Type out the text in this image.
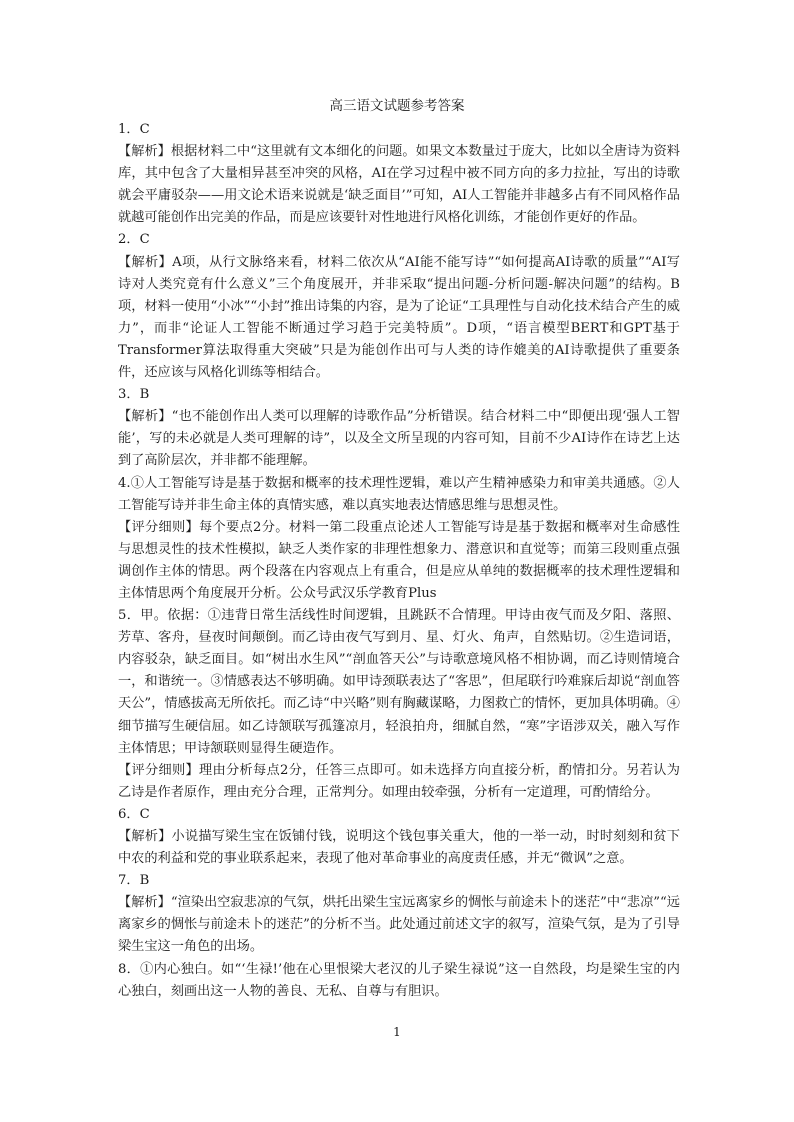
高三语文试题参考答案

1．C

【解析】根据材料二中“这里就有文本细化的问题。如果文本数量过于庞大，比如以全唐诗为资料库，其中包含了大量相异甚至冲突的风格，AI在学习过程中被不同方向的多力拉扯，写出的诗歌就会平庸驳杂——用文论术语来说就是‘缺乏面目’”可知，AI人工智能并非越多占有不同风格作品就越可能创作出完美的作品，而是应该要针对性地进行风格化训练，才能创作更好的作品。

2．C

【解析】A项，从行文脉络来看，材料二依次从“AI能不能写诗”“如何提高AI诗歌的质量”“AI写诗对人类究竟有什么意义”三个角度展开，并非采取“提出问题-分析问题-解决问题”的结构。B项，材料一使用“小冰”“小封”推出诗集的内容，是为了论证“工具理性与自动化技术结合产生的威力”，而非“论证人工智能不断通过学习趋于完美特质”。D项，“语言模型BERT和GPT基于Transformer算法取得重大突破”只是为能创作出可与人类的诗作媲美的AI诗歌提供了重要条件，还应该与风格化训练等相结合。

3．B

【解析】“也不能创作出人类可以理解的诗歌作品”分析错误。结合材料二中“即便出现‘强人工智能’，写的未必就是人类可理解的诗”，以及全文所呈现的内容可知，目前不少AI诗作在诗艺上达到了高阶层次，并非都不能理解。

4.①人工智能写诗是基于数据和概率的技术理性逻辑，难以产生精神感染力和审美共通感。②人工智能写诗并非生命主体的真情实感，难以真实地表达情感思维与思想灵性。

【评分细则】每个要点2分。材料一第二段重点论述人工智能写诗是基于数据和概率对生命感性与思想灵性的技术性模拟，缺乏人类作家的非理性想象力、潜意识和直觉等；而第三段则重点强调创作主体的情思。两个段落在内容观点上有重合，但是应从单纯的数据概率的技术理性逻辑和主体情思两个角度展开分析。公众号武汉乐学教育Plus

5．甲。依据：①违背日常生活线性时间逻辑，且跳跃不合情理。甲诗由夜气而及夕阳、落照、芳草、客舟，昼夜时间颠倒。而乙诗由夜气写到月、星、灯火、角声，自然贴切。②生造词语，内容驳杂，缺乏面目。如“树出水生风”“剖血答天公”与诗歌意境风格不相协调，而乙诗则情境合一，和谐统一。③情感表达不够明确。如甲诗颈联表达了“客思”，但尾联行吟难寐后却说“剖血答天公”，情感拔高无所依托。而乙诗“中兴略”则有胸藏谋略，力图救亡的情怀，更加具体明确。④细节描写生硬信屈。如乙诗颔联写孤篷凉月，轻浪拍舟，细腻自然，“寒”字语涉双关，融入写作主体情思；甲诗颔联则显得生硬造作。

【评分细则】理由分析每点2分，任答三点即可。如未选择方向直接分析，酌情扣分。另若认为乙诗是作者原作，理由充分合理，正常判分。如理由较牵强，分析有一定道理，可酌情给分。

6．C

【解析】小说描写梁生宝在饭铺付钱，说明这个钱包事关重大，他的一举一动，时时刻刻和贫下中农的利益和党的事业联系起来，表现了他对革命事业的高度责任感，并无“微讽”之意。

7．B

【解析】“渲染出空寂悲凉的气氛，烘托出梁生宝远离家乡的惆怅与前途未卜的迷茫”中“悲凉”“远离家乡的惆怅与前途未卜的迷茫”的分析不当。此处通过前述文字的叙写，渲染气氛，是为了引导梁生宝这一角色的出场。

8．①内心独白。如“‘生禄!’他在心里恨梁大老汉的儿子梁生禄说”这一自然段，均是梁生宝的内心独白，刻画出这一人物的善良、无私、自尊与有胆识。

1
